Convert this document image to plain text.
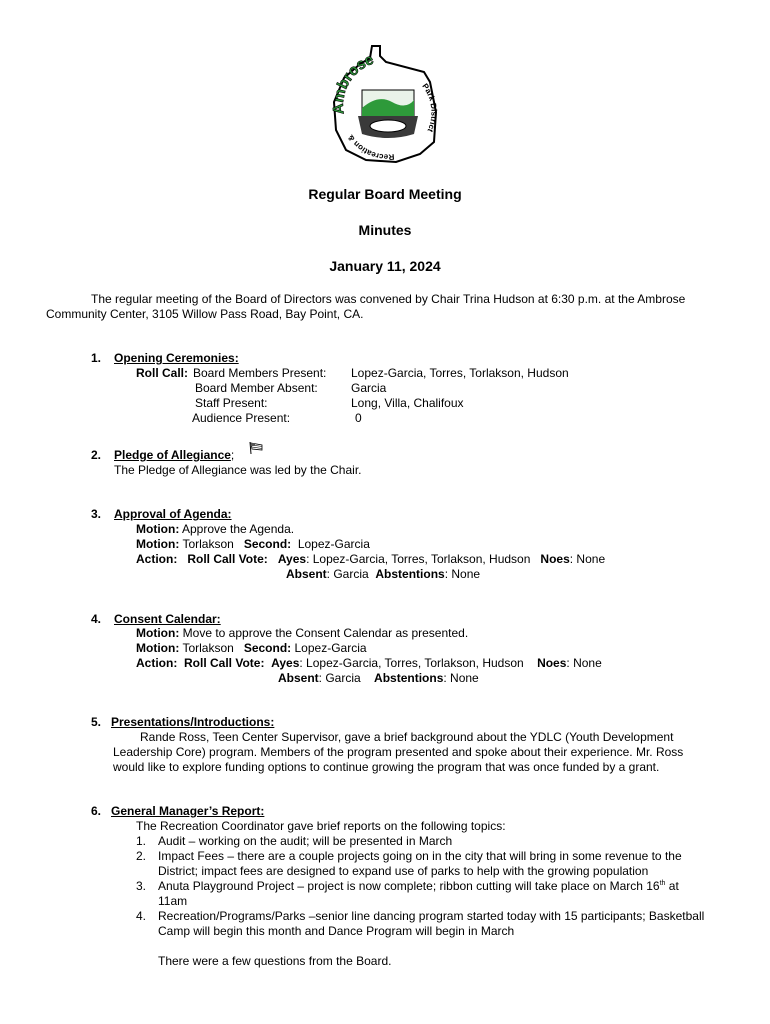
Ambrose
Park District
Recreation &
Regular Board Meeting
Minutes
January 11, 2024
The regular meeting of the Board of Directors was convened by Chair Trina Hudson at 6:30 p.m. at the Ambrose
Community Center, 3105 Willow Pass Road, Bay Point, CA.
1. Opening Ceremonies:
Roll Call: Board Members Present: Lopez-Garcia, Torres, Torlakson, Hudson
Board Member Absent:	Garcia
Staff Present:	Long, Villa, Chalifoux
Audience Present:	0
2. Pledge of Allegiance;
The Pledge of Allegiance was led by the Chair.
3. Approval of Agenda:
Motion: Approve the Agenda.
Motion: Torlakson Second: Lopez-Garcia
Action: Roll Call Vote: Ayes: Lopez-Garcia, Torres, Torlakson, Hudson Noes: None
Absent: Garcia Abstentions: None
4. Consent Calendar:
Motion: Move to approve the Consent Calendar as presented.
Motion: Torlakson Second: Lopez-Garcia
Action: Roll Call Vote: Ayes: Lopez-Garcia, Torres, Torlakson, Hudson Noes: None
Absent: Garcia Abstentions: None
5. Presentations/Introductions:
Rande Ross, Teen Center Supervisor, gave a brief background about the YDLC (Youth Development
Leadership Core) program. Members of the program presented and spoke about their experience. Mr. Ross
would like to explore funding options to continue growing the program that was once funded by a grant.
6. General Manager’s Report:
The Recreation Coordinator gave brief reports on the following topics:
1. Audit – working on the audit; will be presented in March
2. Impact Fees – there are a couple projects going on in the city that will bring in some revenue to the
District; impact fees are designed to expand use of parks to help with the growing population
3. Anuta Playground Project – project is now complete; ribbon cutting will take place on March 16th at
11am
4. Recreation/Programs/Parks –senior line dancing program started today with 15 participants; Basketball
Camp will begin this month and Dance Program will begin in March
There were a few questions from the Board.
